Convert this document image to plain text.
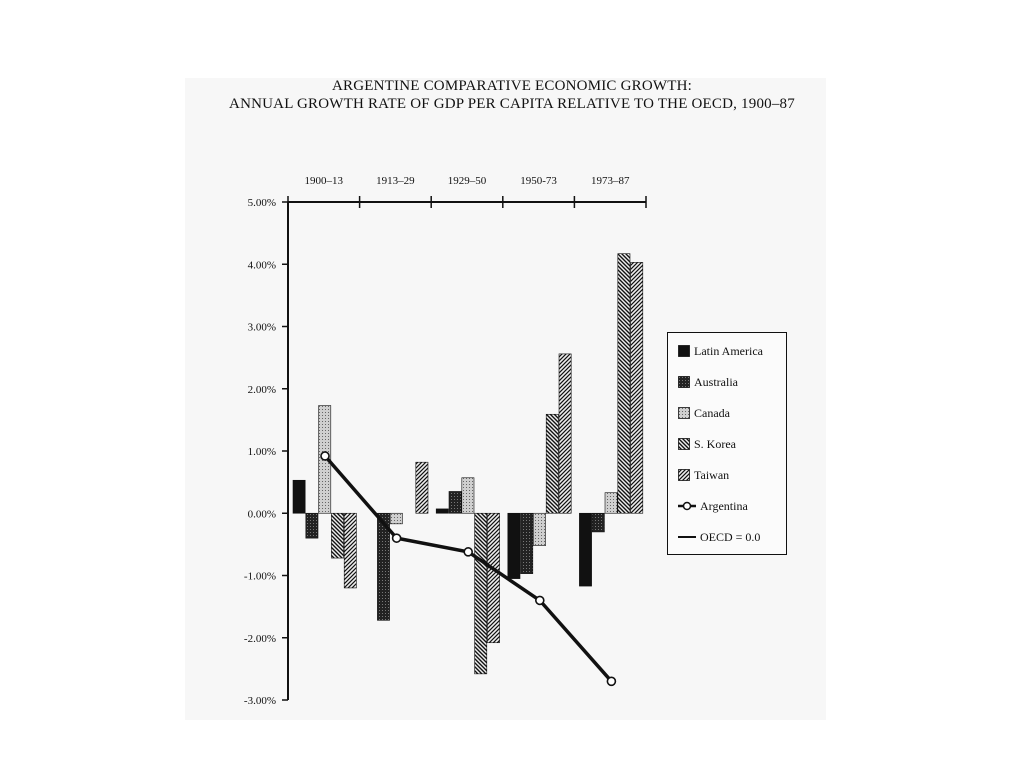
ARGENTINE COMPARATIVE ECONOMIC GROWTH:
ANNUAL GROWTH RATE OF GDP PER CAPITA RELATIVE TO THE OECD, 1900–87
5.00%
4.00%
3.00%
2.00%
1.00%
0.00%
-1.00%
-2.00%
-3.00%
1900–13	1913–29	1929–50	1950-73	1973–87
Latin America
Australia
Canada
S. Korea
Taiwan
Argentina
OECD = 0.0
